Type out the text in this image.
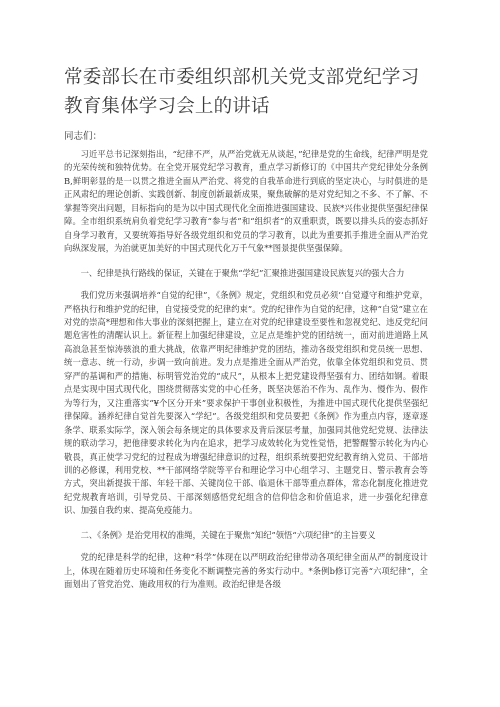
常委部长在市委组织部机关党支部党纪学习教育集体学习会上的讲话

同志们：

习近平总书记深刻指出，“纪律不严，从严治党就无从谈起，”纪律是党的生命线，纪律严明是党的光荣传统和独特优势。在全党开展党纪学习教育，重点学习新修订的《中国共产党纪律处分条例B,鲜明彰显的是一以贯之推进全面从严治党、将党的自我革命进行到底的坚定决心，与时俱进的是正风肃纪的理论创新、实践创新、制度创新最新成果，聚焦破解的是对党纪知之不多、不了解、不掌握等突出问题，目标指向的是为以中国式现代化全面推进强国建设、民族*兴伟业提供坚强纪律保障。全市组织系统肩负着党纪学习教育“参与者”和“组织者”的双重职责，既要以排头兵的姿态抓好自身学习教育，又要统筹指导好各级党组织和党员的学习教育，以此为重要抓手推进全面从严治党向纵深发展，为治就更加美好的中国式现代化万千气象**图景提供坚强保障。

一、纪律是执行路线的保证，关键在于聚焦“学纪”汇聚推进强国建设民族复兴的强大合力

我们党历来强调培养“自觉的纪律”，《条例》规定，党组织和党员必须’‘自觉遵守和维护党章，严格执行和维护党的纪律，自觉接受党的纪律约束”。党的纪律作为自觉的纪律，这种“自觉”建立在对党的崇高*理想和伟大事业的深刻把握上，建立在对党的纪律建设至要性和忽视党纪、违反党纪问题危害性的清醒认识上。新征程上加强纪律建设，立足点是维护党的团结统一，面对前进道路上风高浪急甚至惊涛骇浪的重大挑战，依靠严明纪律维护党的团结，推动各级党组织和党员统一思想、统一意志、统一行动，步调一致向前进。发力点是推进全面从严治党，依靠全体党组织和党员、贯穿严的基调和严的措施、标明管党治党的“成尺”，从根本上把党建设得坚强有力、团结如钢。着眼点是实现中国式现代化，围绕贯彻落实党的中心任务，既坚决惩治不作为、乱作为、慢作为、假作为等行为，又注重落实“¥个区分开来”要求保护干事创业积极性，为推进中国式现代化提供坚强纪律保障。涵养纪律自觉首先要深入“学纪”。各级党组织和党员要把《条例》作为重点内容，逐章逐条学、联系实际学，深入领会每条规定的具体要求及背后深层考量，加强同其他党纪党规、法律法规的联动学习，把他律要求转化为内在追求，把学习成效转化为党性觉悟，把警醒警示转化为内心敬畏，真正使学习党纪的过程成为增强纪律意识的过程，组织系统要把党纪教育纳入党员、干部培训的必修课，利用党校、**干部网络学院等平台和理论学习中心组学习、主题党日、警示教育会等方式，突出新提拔干部、年轻干部、关键岗位干部、临退休干部等重点群体，常态化制度化推进党纪党规教育培训，引导党员、干部深刻感悟党纪组含的信仰信念和价值追求，进一步强化纪律意识、加强自我约束、提高免疫能力。

二、《条例》是治党用权的准绳，关键在于聚焦“知纪”领悟“六项纪律”的主旨要义

党的纪律是科学的纪律，这种“科学”体现在以严明政治纪律带动各项纪律全面从严的制度设计上，体现在随着历史环境和任务变化不断调整完善的务实行动中。*条例b修订完善“六项纪律”，全面划出了管党治党、施政用权的行为准则。政治纪律是各级
